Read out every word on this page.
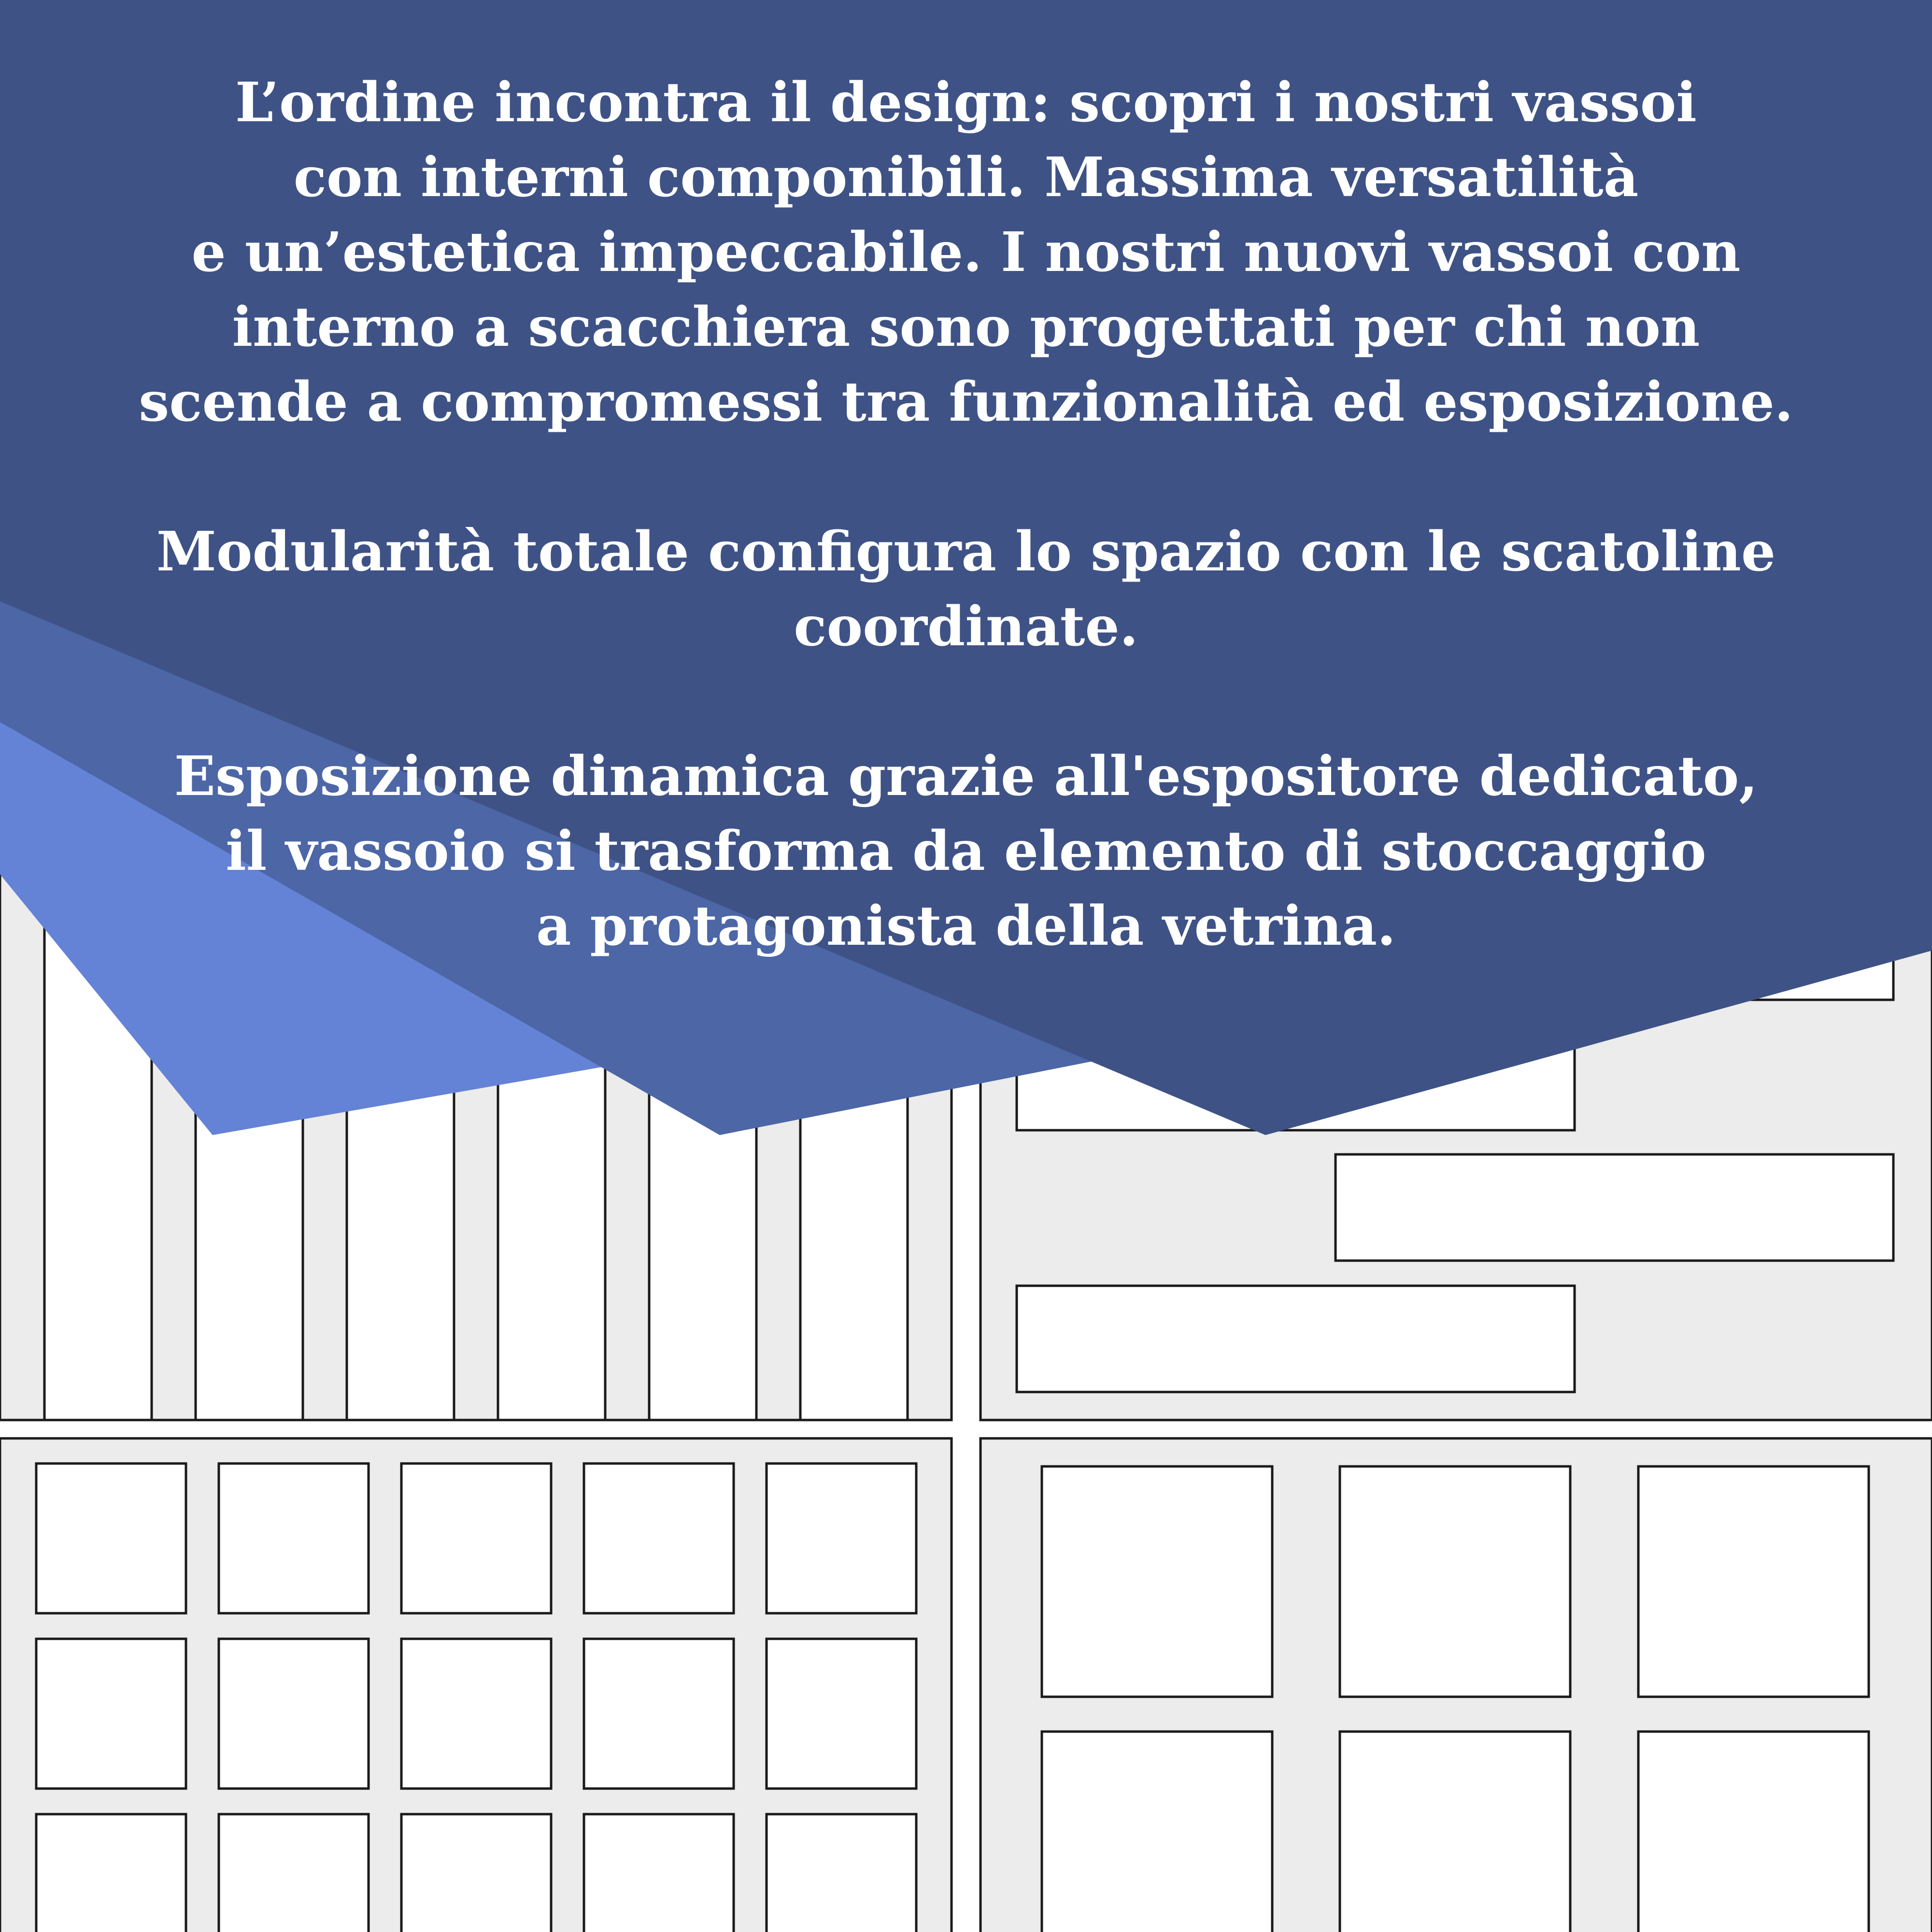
L’ordine incontra il design: scopri i nostri vassoi
con interni componibili. Massima versatilità
e un’estetica impeccabile. I nostri nuovi vassoi con
interno a scacchiera sono progettati per chi non
scende a compromessi tra funzionalità ed esposizione.

Modularità totale configura lo spazio con le scatoline
coordinate.

Esposizione dinamica grazie all'espositore dedicato,
il vassoio si trasforma da elemento di stoccaggio
a protagonista della vetrina.
